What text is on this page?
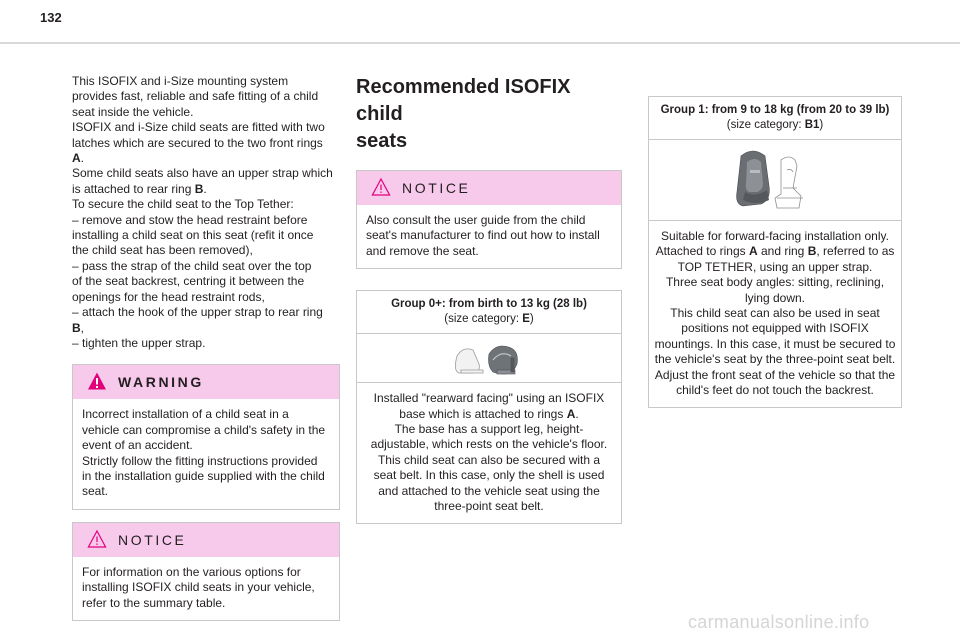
132

This ISOFIX and i-Size mounting system
provides fast, reliable and safe fitting of a child
seat inside the vehicle.
ISOFIX and i-Size child seats are fitted with two
latches which are secured to the two front rings
A.
Some child seats also have an upper strap which
is attached to rear ring B.
To secure the child seat to the Top Tether:
– remove and stow the head restraint before
installing a child seat on this seat (refit it once
the child seat has been removed),
– pass the strap of the child seat over the top
of the seat backrest, centring it between the
openings for the head restraint rods,
– attach the hook of the upper strap to rear ring
B,
– tighten the upper strap.

WARNING
Incorrect installation of a child seat in a
vehicle can compromise a child's safety in the
event of an accident.
Strictly follow the fitting instructions provided
in the installation guide supplied with the child
seat.
NOTICE
For information on the various options for
installing ISOFIX child seats in your vehicle,
refer to the summary table.
Recommended ISOFIX child
seats
NOTICE
Also consult the user guide from the child
seat's manufacturer to find out how to install
and remove the seat.
Group 0+: from birth to 13 kg (28 lb)
(size category: E)
Installed "rearward facing" using an ISOFIX
base which is attached to rings A.
The base has a support leg, height-
adjustable, which rests on the vehicle's floor.
This child seat can also be secured with a
seat belt. In this case, only the shell is used
and attached to the vehicle seat using the
three-point seat belt.
Group 1: from 9 to 18 kg (from 20 to 39 lb)
(size category: B1)
Suitable for forward-facing installation only.
Attached to rings A and ring B, referred to as
TOP TETHER, using an upper strap.
Three seat body angles: sitting, reclining,
lying down.
This child seat can also be used in seat
positions not equipped with ISOFIX
mountings. In this case, it must be secured to
the vehicle's seat by the three-point seat belt.
Adjust the front seat of the vehicle so that the
child's feet do not touch the backrest.
carmanualsonline.info
